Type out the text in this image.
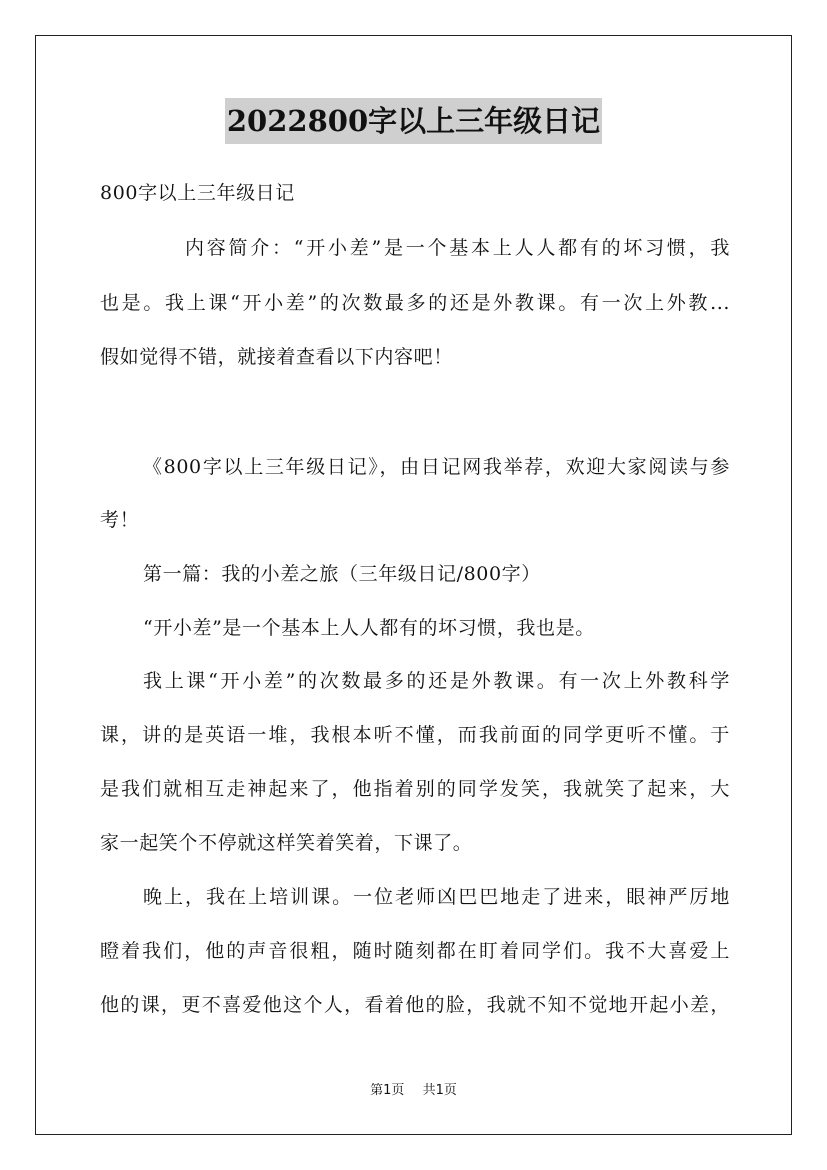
2022800字以上三年级日记
800字以上三年级日记
内容简介：“开小差”是一个基本上人人都有的坏习惯，我
也是。我上课“开小差”的次数最多的还是外教课。有一次上外教...
假如觉得不错，就接着查看以下内容吧！
《800字以上三年级日记》，由日记网我举荐，欢迎大家阅读与参
考！
第一篇：我的小差之旅（三年级日记/800字）
“开小差”是一个基本上人人都有的坏习惯，我也是。
我上课“开小差”的次数最多的还是外教课。有一次上外教科学
课，讲的是英语一堆，我根本听不懂，而我前面的同学更听不懂。于
是我们就相互走神起来了，他指着别的同学发笑，我就笑了起来，大
家一起笑个不停就这样笑着笑着，下课了。
晚上，我在上培训课。一位老师凶巴巴地走了进来，眼神严厉地
瞪着我们，他的声音很粗，随时随刻都在盯着同学们。我不大喜爱上
他的课，更不喜爱他这个人，看着他的脸，我就不知不觉地开起小差，
第1页 共1页
